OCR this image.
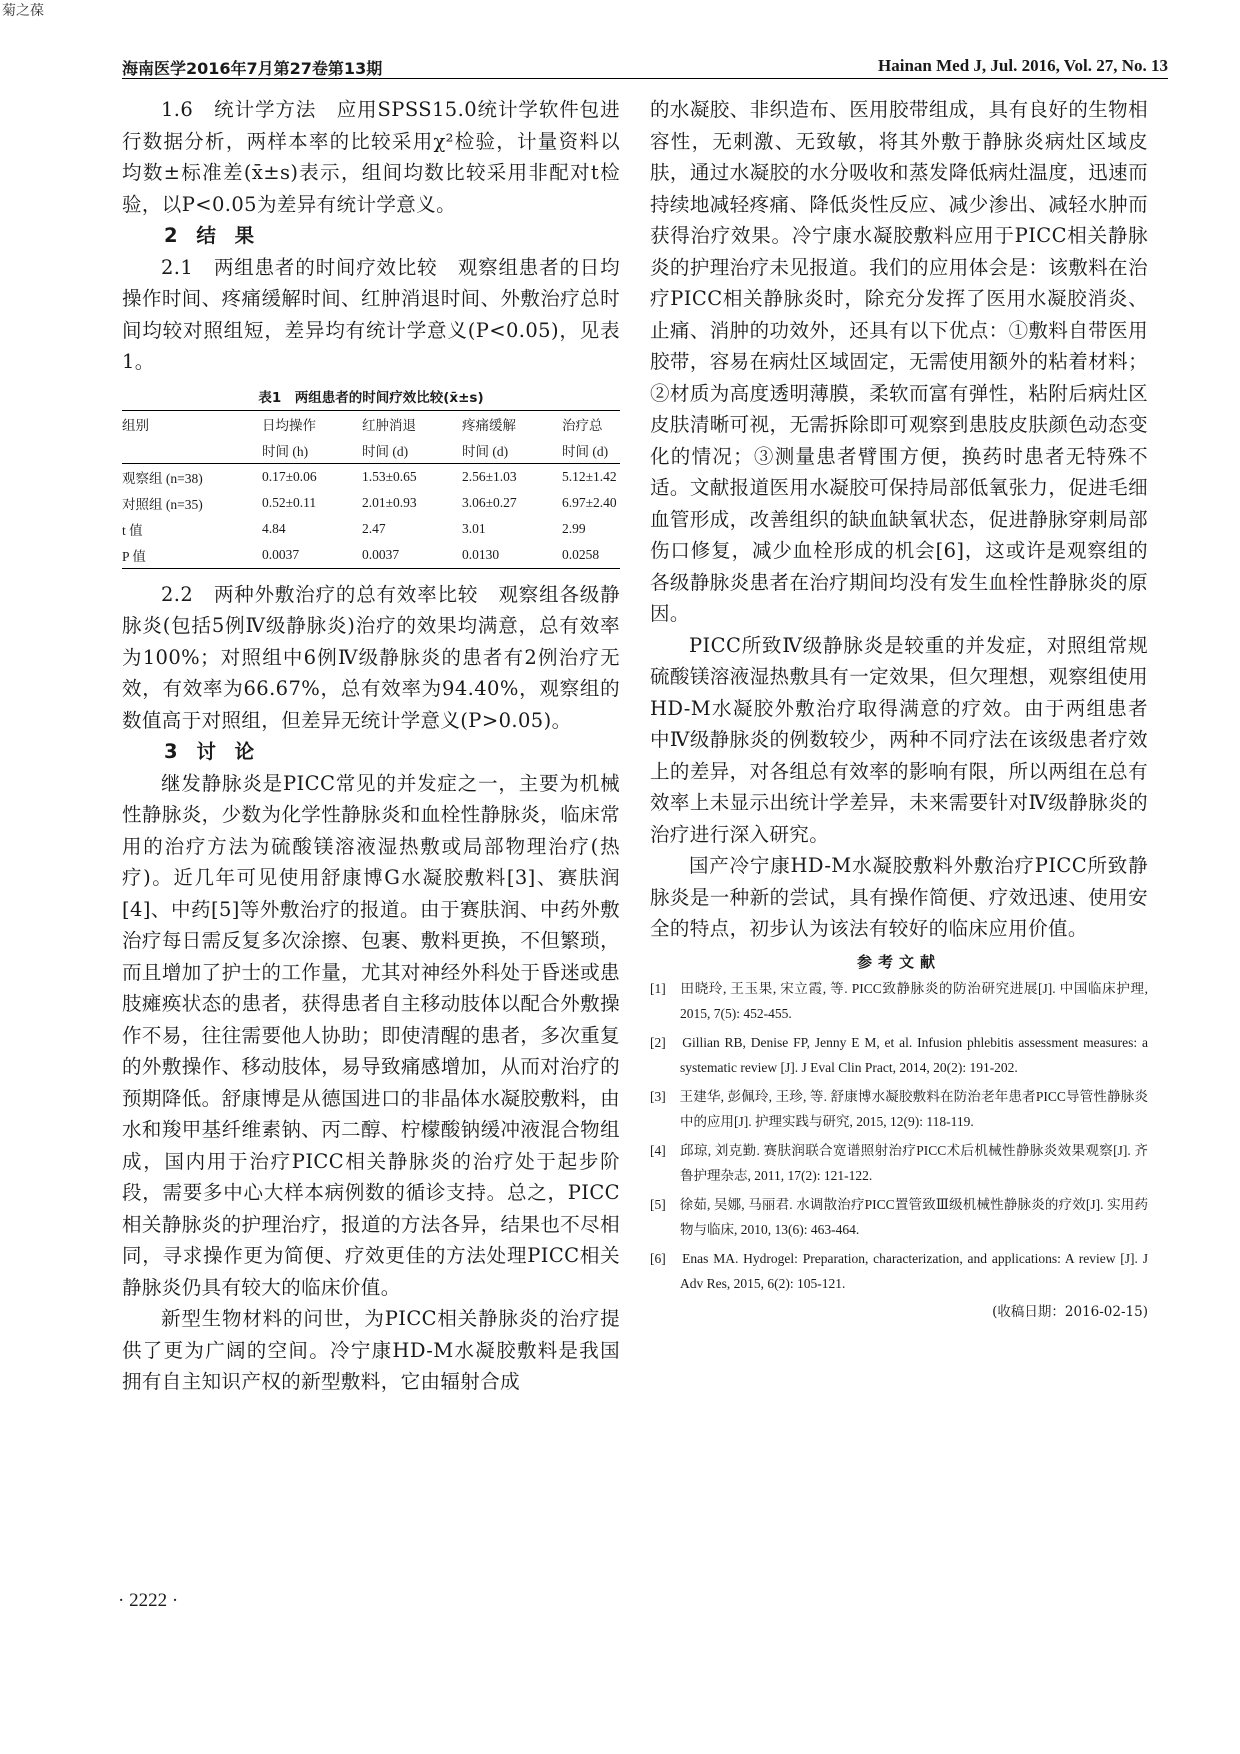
菊之葆
海南医学2016年7月第27卷第13期	Hainan Med J, Jul. 2016, Vol. 27, No. 13

1.6　统计学方法　应用SPSS15.0统计学软件包进行数据分析，两样本率的比较采用χ²检验，计量资料以均数±标准差(x̄±s)表示，组间均数比较采用非配对t检验，以P<0.05为差异有统计学意义。

2 结 果

2.1　两组患者的时间疗效比较　观察组患者的日均操作时间、疼痛缓解时间、红肿消退时间、外敷治疗总时间均较对照组短，差异均有统计学意义(P<0.05)，见表1。

表1　两组患者的时间疗效比较(x̄±s)
组别	日均操作	红肿消退	疼痛缓解	治疗总
	时间 (h)	时间 (d)	时间 (d)	时间 (d)
观察组 (n=38)	0.17±0.06	1.53±0.65	2.56±1.03	5.12±1.42
对照组 (n=35)	0.52±0.11	2.01±0.93	3.06±0.27	6.97±2.40
t 值	4.84	2.47	3.01	2.99
P 值	0.0037	0.0037	0.0130	0.0258

2.2　两种外敷治疗的总有效率比较　观察组各级静脉炎(包括5例Ⅳ级静脉炎)治疗的效果均满意，总有效率为100%；对照组中6例Ⅳ级静脉炎的患者有2例治疗无效，有效率为66.67%，总有效率为94.40%，观察组的数值高于对照组，但差异无统计学意义(P>0.05)。

3 讨 论

继发静脉炎是PICC常见的并发症之一，主要为机械性静脉炎，少数为化学性静脉炎和血栓性静脉炎，临床常用的治疗方法为硫酸镁溶液湿热敷或局部物理治疗(热疗)。近几年可见使用舒康博G水凝胶敷料[3]、赛肤润[4]、中药[5]等外敷治疗的报道。由于赛肤润、中药外敷治疗每日需反复多次涂擦、包裹、敷料更换，不但繁琐，而且增加了护士的工作量，尤其对神经外科处于昏迷或患肢瘫痪状态的患者，获得患者自主移动肢体以配合外敷操作不易，往往需要他人协助；即使清醒的患者，多次重复的外敷操作、移动肢体，易导致痛感增加，从而对治疗的预期降低。舒康博是从德国进口的非晶体水凝胶敷料，由水和羧甲基纤维素钠、丙二醇、柠檬酸钠缓冲液混合物组成，国内用于治疗PICC相关静脉炎的治疗处于起步阶段，需要多中心大样本病例数的循诊支持。总之，PICC相关静脉炎的护理治疗，报道的方法各异，结果也不尽相同，寻求操作更为简便、疗效更佳的方法处理PICC相关静脉炎仍具有较大的临床价值。

新型生物材料的问世，为PICC相关静脉炎的治疗提供了更为广阔的空间。冷宁康HD-M水凝胶敷料是我国拥有自主知识产权的新型敷料，它由辐射合成

的水凝胶、非织造布、医用胶带组成，具有良好的生物相容性，无刺激、无致敏，将其外敷于静脉炎病灶区域皮肤，通过水凝胶的水分吸收和蒸发降低病灶温度，迅速而持续地减轻疼痛、降低炎性反应、减少渗出、减轻水肿而获得治疗效果。冷宁康水凝胶敷料应用于PICC相关静脉炎的护理治疗未见报道。我们的应用体会是：该敷料在治疗PICC相关静脉炎时，除充分发挥了医用水凝胶消炎、止痛、消肿的功效外，还具有以下优点：①敷料自带医用胶带，容易在病灶区域固定，无需使用额外的粘着材料；②材质为高度透明薄膜，柔软而富有弹性，粘附后病灶区皮肤清晰可视，无需拆除即可观察到患肢皮肤颜色动态变化的情况；③测量患者臂围方便，换药时患者无特殊不适。文献报道医用水凝胶可保持局部低氧张力，促进毛细血管形成，改善组织的缺血缺氧状态，促进静脉穿刺局部伤口修复，减少血栓形成的机会[6]，这或许是观察组的各级静脉炎患者在治疗期间均没有发生血栓性静脉炎的原因。

PICC所致Ⅳ级静脉炎是较重的并发症，对照组常规硫酸镁溶液湿热敷具有一定效果，但欠理想，观察组使用HD-M水凝胶外敷治疗取得满意的疗效。由于两组患者中Ⅳ级静脉炎的例数较少，两种不同疗法在该级患者疗效上的差异，对各组总有效率的影响有限，所以两组在总有效率上未显示出统计学差异，未来需要针对Ⅳ级静脉炎的治疗进行深入研究。

国产冷宁康HD-M水凝胶敷料外敷治疗PICC所致静脉炎是一种新的尝试，具有操作简便、疗效迅速、使用安全的特点，初步认为该法有较好的临床应用价值。

参考文献

[1]　田晓玲, 王玉果, 宋立霞, 等. PICC致静脉炎的防治研究进展[J]. 中国临床护理, 2015, 7(5): 452-455.

[2]　Gillian RB, Denise FP, Jenny E M, et al. Infusion phlebitis assessment measures: a systematic review [J]. J Eval Clin Pract, 2014, 20(2): 191-202.

[3]　王建华, 彭佩玲, 王珍, 等. 舒康博水凝胶敷料在防治老年患者PICC导管性静脉炎中的应用[J]. 护理实践与研究, 2015, 12(9): 118-119.

[4]　邱琼, 刘克勤. 赛肤润联合宽谱照射治疗PICC术后机械性静脉炎效果观察[J]. 齐鲁护理杂志, 2011, 17(2): 121-122.

[5]　徐茹, 吴娜, 马丽君. 水调散治疗PICC置管致Ⅲ级机械性静脉炎的疗效[J]. 实用药物与临床, 2010, 13(6): 463-464.

[6]　Enas MA. Hydrogel: Preparation, characterization, and applications: A review [J]. J Adv Res, 2015, 6(2): 105-121.

(收稿日期：2016-02-15)

· 2222 ·
